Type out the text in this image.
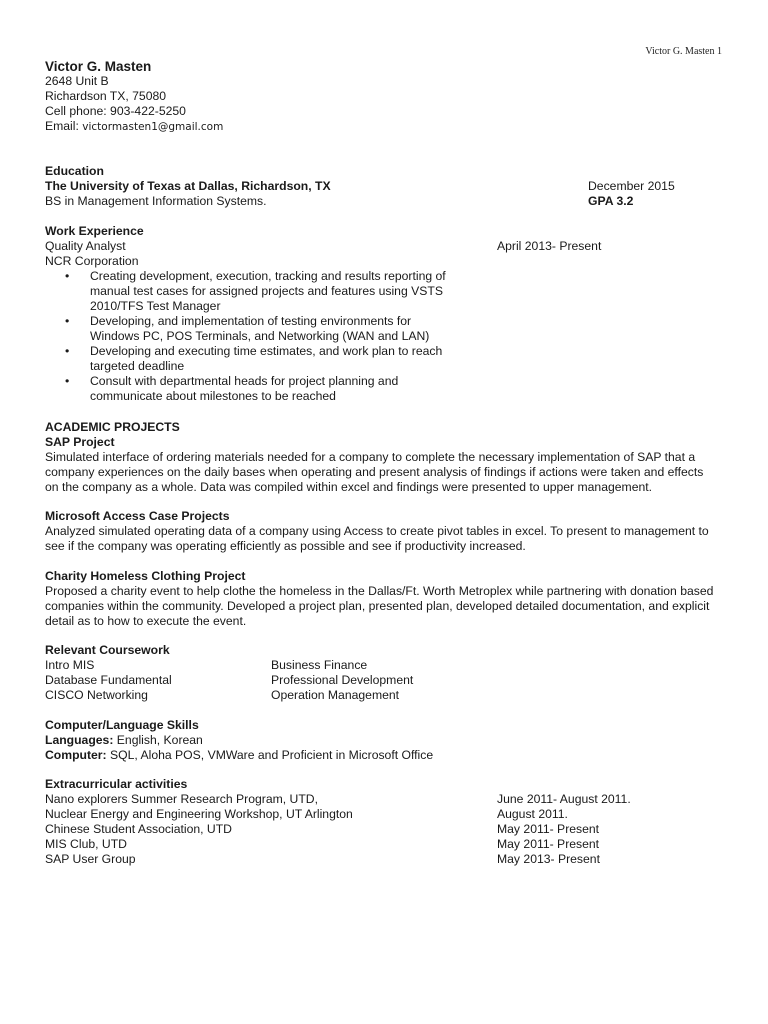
Victor G. Masten 1
Victor G. Masten
2648 Unit B
Richardson TX, 75080
Cell phone: 903-422-5250
Email: victormasten1@gmail.com
Education
The University of Texas at Dallas, Richardson, TX	December 2015
BS in Management Information Systems.	GPA 3.2
Work Experience
Quality Analyst	April 2013- Present
NCR Corporation
• Creating development, execution, tracking and results reporting of manual test cases for assigned projects and features using VSTS 2010/TFS Test Manager
• Developing, and implementation of testing environments for Windows PC, POS Terminals, and Networking (WAN and LAN)
• Developing and executing time estimates, and work plan to reach targeted deadline
• Consult with departmental heads for project planning and communicate about milestones to be reached
ACADEMIC PROJECTS
SAP Project
Simulated interface of ordering materials needed for a company to complete the necessary implementation of SAP that a company experiences on the daily bases when operating and present analysis of findings if actions were taken and effects on the company as a whole. Data was compiled within excel and findings were presented to upper management.
Microsoft Access Case Projects
Analyzed simulated operating data of a company using Access to create pivot tables in excel. To present to management to see if the company was operating efficiently as possible and see if productivity increased.
Charity Homeless Clothing Project
Proposed a charity event to help clothe the homeless in the Dallas/Ft. Worth Metroplex while partnering with donation based companies within the community. Developed a project plan, presented plan, developed detailed documentation, and explicit detail as to how to execute the event.
Relevant Coursework
Intro MIS	Business Finance
Database Fundamental	Professional Development
CISCO Networking	Operation Management
Computer/Language Skills
Languages: English, Korean
Computer: SQL, Aloha POS, VMWare and Proficient in Microsoft Office
Extracurricular activities
Nano explorers Summer Research Program, UTD,	June 2011- August 2011.
Nuclear Energy and Engineering Workshop, UT Arlington	August 2011.
Chinese Student Association, UTD	May 2011- Present
MIS Club, UTD	May 2011- Present
SAP User Group	May 2013- Present
